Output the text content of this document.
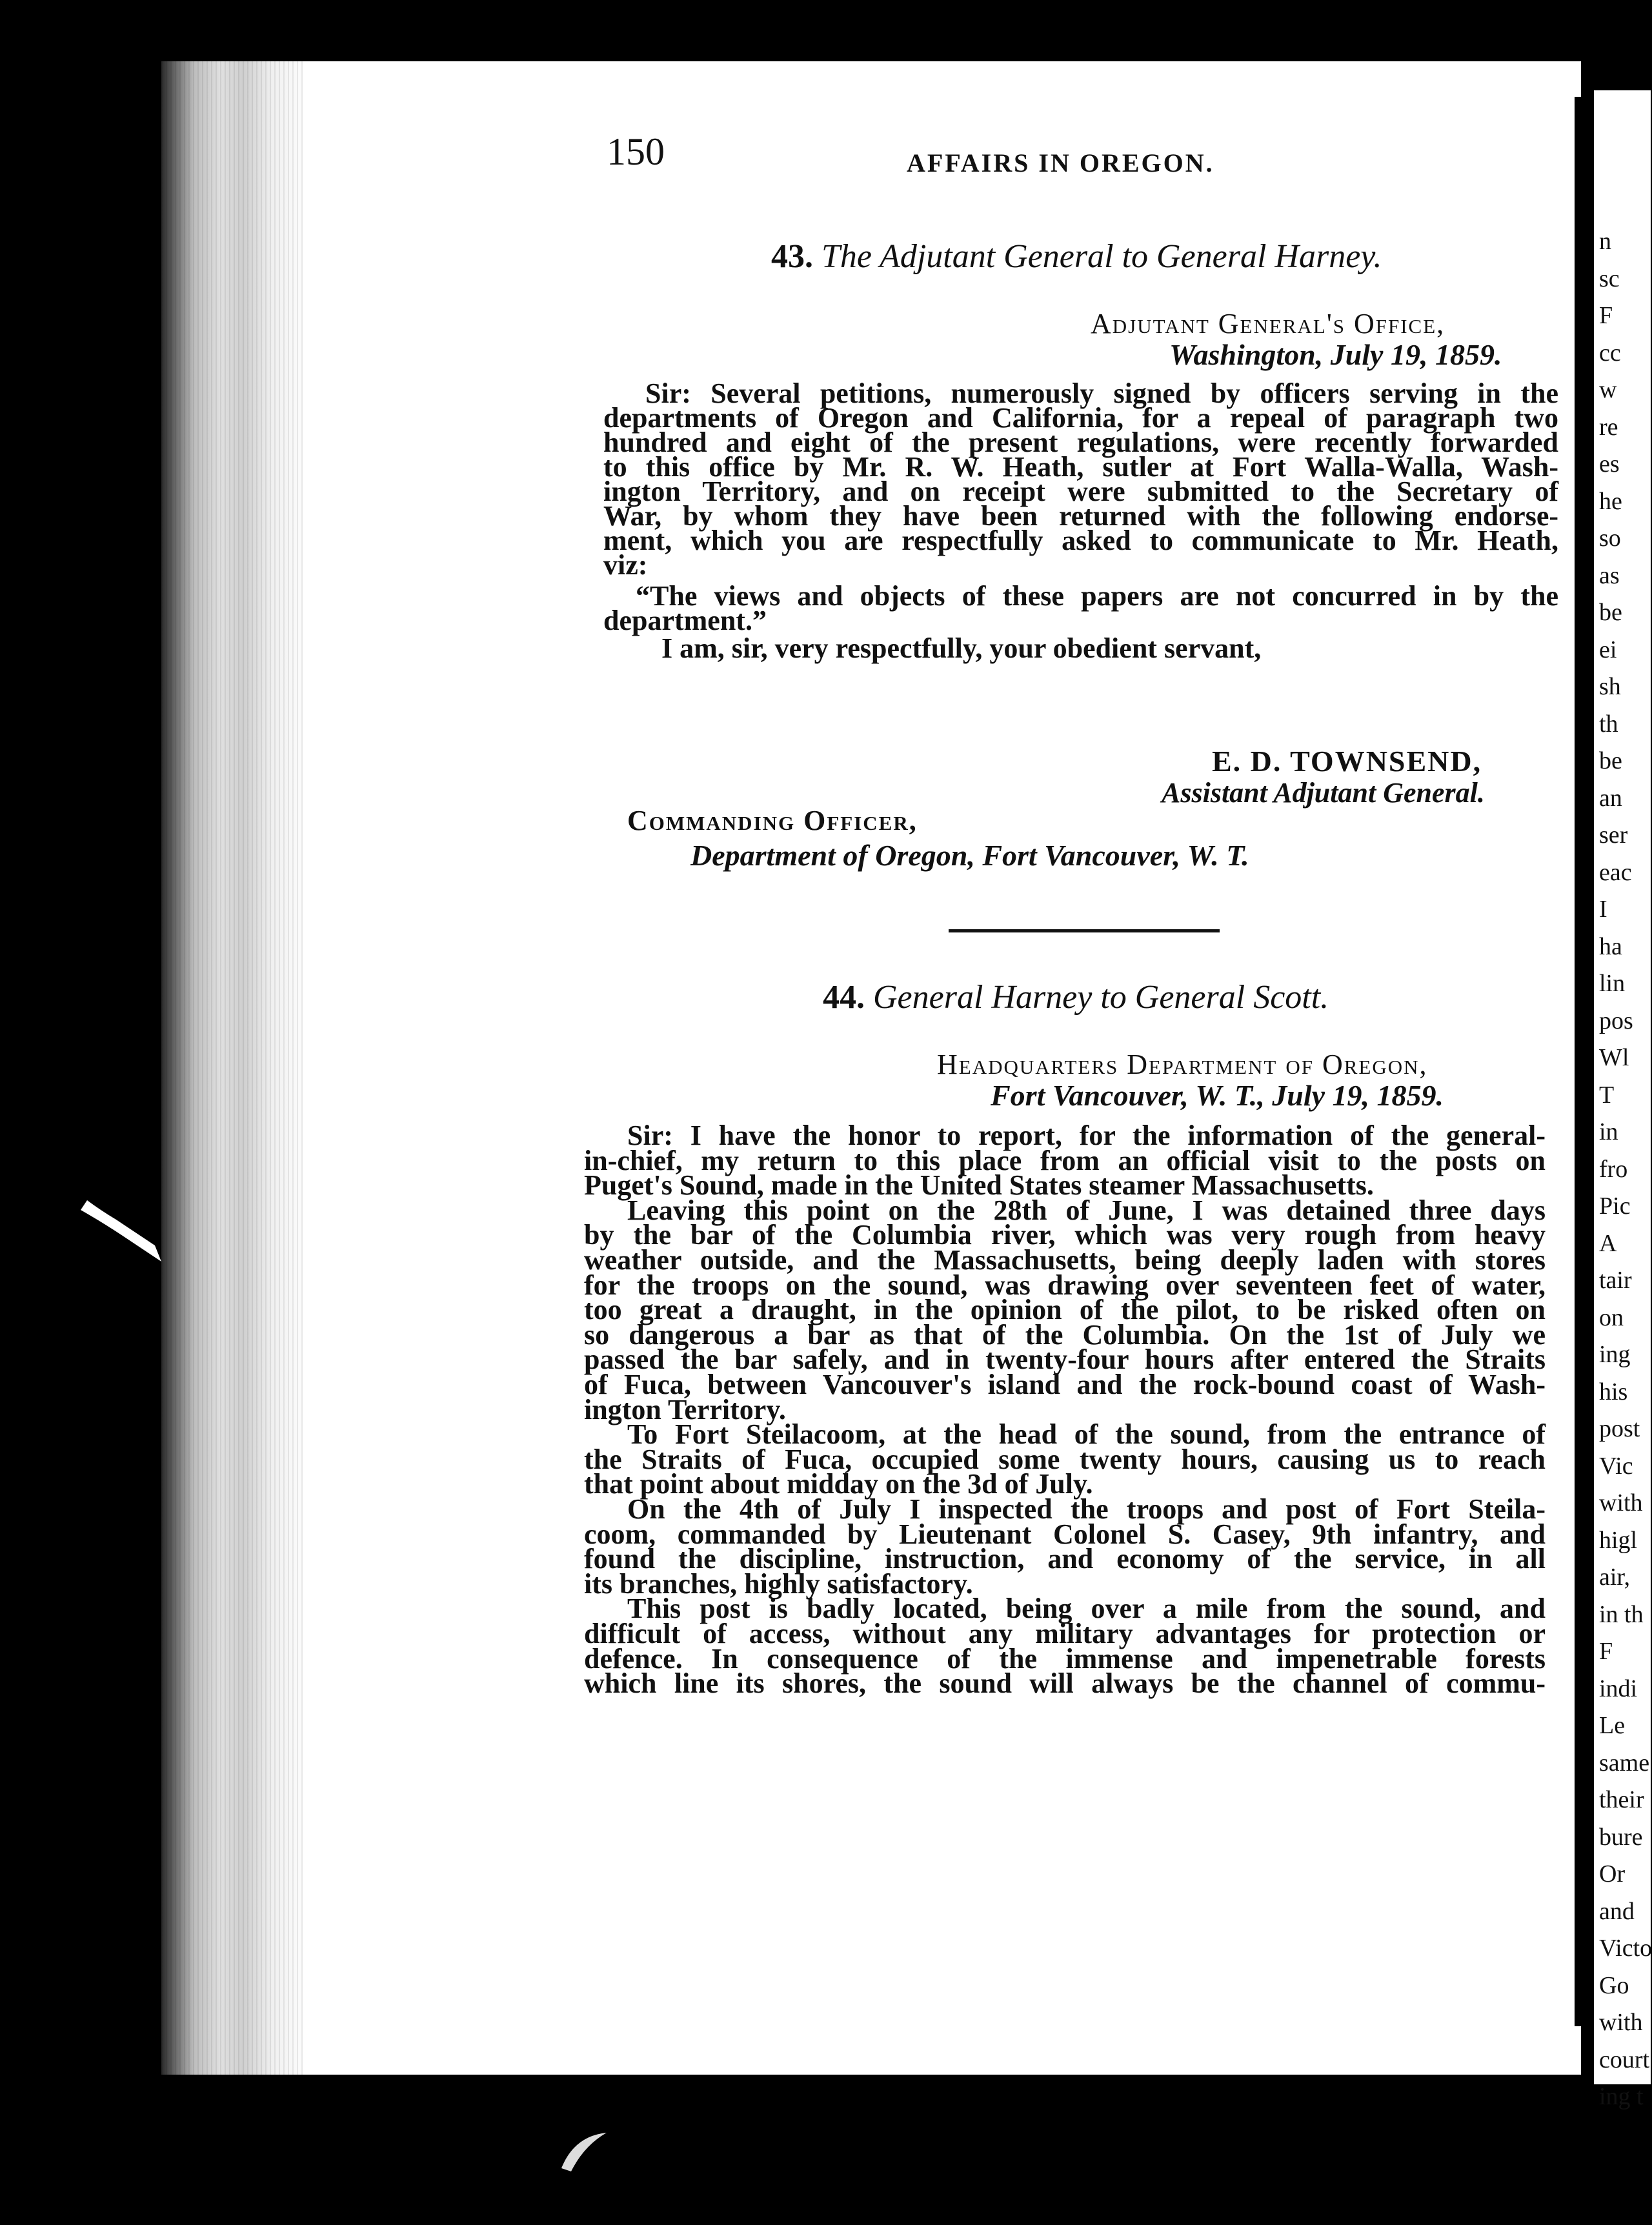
n
sc
F
cc
w
re
es
he
so
as
be
ei
sh
th
be
an
ser
eac
I
ha
lin
pos
Wl
T
in
fro
Pic
A
tair
on
ing
his
post
Vic
with
higl
air,
in th
F
indi
Le
same
their
bure
Or
and
Victo
Go
with
court
ing t
150	AFFAIRS IN OREGON.
43. The Adjutant General to General Harney.
Adjutant General's Office,
Washington, July 19, 1859.
Sir: Several petitions, numerously signed by officers serving in the
departments of Oregon and California, for a repeal of paragraph two
hundred and eight of the present regulations, were recently forwarded
to this office by Mr. R. W. Heath, sutler at Fort Walla-Walla, Wash-
ington Territory, and on receipt were submitted to the Secretary of
War, by whom they have been returned with the following endorse-
ment, which you are respectfully asked to communicate to Mr. Heath,
viz:
“The views and objects of these papers are not concurred in by the
department.”
I am, sir, very respectfully, your obedient servant,
E. D. TOWNSEND,
Assistant Adjutant General.
Commanding Officer,
Department of Oregon, Fort Vancouver, W. T.
44. General Harney to General Scott.
Headquarters Department of Oregon,
Fort Vancouver, W. T., July 19, 1859.
Sir: I have the honor to report, for the information of the general-
in-chief, my return to this place from an official visit to the posts on
Puget's Sound, made in the United States steamer Massachusetts.
Leaving this point on the 28th of June, I was detained three days
by the bar of the Columbia river, which was very rough from heavy
weather outside, and the Massachusetts, being deeply laden with stores
for the troops on the sound, was drawing over seventeen feet of water,
too great a draught, in the opinion of the pilot, to be risked often on
so dangerous a bar as that of the Columbia. On the 1st of July we
passed the bar safely, and in twenty-four hours after entered the Straits
of Fuca, between Vancouver's island and the rock-bound coast of Wash-
ington Territory.
To Fort Steilacoom, at the head of the sound, from the entrance of
the Straits of Fuca, occupied some twenty hours, causing us to reach
that point about midday on the 3d of July.
On the 4th of July I inspected the troops and post of Fort Steila-
coom, commanded by Lieutenant Colonel S. Casey, 9th infantry, and
found the discipline, instruction, and economy of the service, in all
its branches, highly satisfactory.
This post is badly located, being over a mile from the sound, and
difficult of access, without any military advantages for protection or
defence. In consequence of the immense and impenetrable forests
which line its shores, the sound will always be the channel of commu-
